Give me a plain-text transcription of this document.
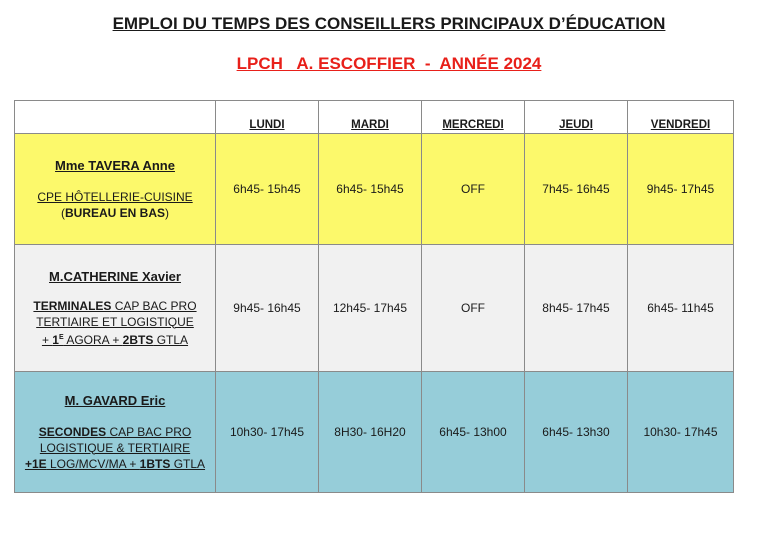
EMPLOI DU TEMPS DES CONSEILLERS PRINCIPAUX D’ÉDUCATION
LPCH   A. ESCOFFIER  -  ANNÉE 2024
	LUNDI	MARDI	MERCREDI	JEUDI	VENDREDI

Mme TAVERA Anne
CPE HÔTELLERIE-CUISINE
(BUREAU EN BAS)	6h45- 15h45	6h45- 15h45	OFF	7h45- 16h45	9h45- 17h45

M.CATHERINE Xavier
TERMINALES CAP BAC PRO
TERTIAIRE ET LOGISTIQUE
+ $1^E$ AGORA + 2BTS GTLA	9h45- 16h45	12h45- 17h45	OFF	8h45- 17h45	6h45- 11h45

M. GAVARD Eric
SECONDES CAP BAC PRO
LOGISTIQUE & TERTIAIRE
+1E LOG/MCV/MA + 1BTS GTLA	10h30- 17h45	8H30- 16H20	6h45- 13h00	6h45- 13h30	10h30- 17h45
